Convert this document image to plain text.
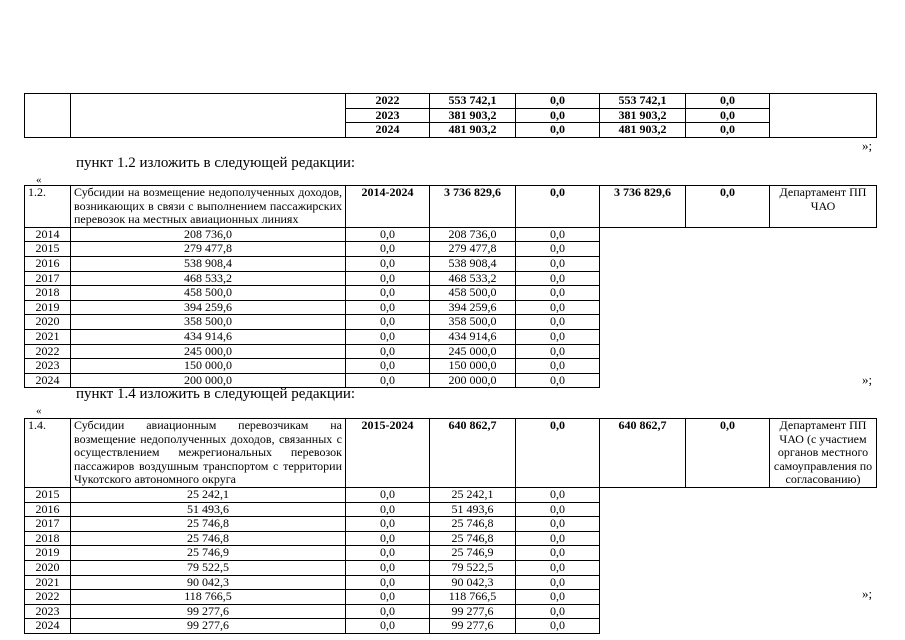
		2022	553 742,1	0,0	553 742,1	0,0	
		2023	381 903,2	0,0	381 903,2	0,0	
		2024	481 903,2	0,0	481 903,2	0,0	
»;
пункт 1.2 изложить в следующей редакции:
«
1.2.	Субсидии на возмещение недополученных доходов, возникающих в связи с выполнением пассажирских перевозок на местных авиационных линиях	2014-2024	3 736 829,6	0,0	3 736 829,6	0,0	Департамент ПП ЧАО
2014	208 736,0	0,0	208 736,0	0,0			
2015	279 477,8	0,0	279 477,8	0,0			
2016	538 908,4	0,0	538 908,4	0,0			
2017	468 533,2	0,0	468 533,2	0,0			
2018	458 500,0	0,0	458 500,0	0,0			
2019	394 259,6	0,0	394 259,6	0,0			
2020	358 500,0	0,0	358 500,0	0,0			
2021	434 914,6	0,0	434 914,6	0,0			
2022	245 000,0	0,0	245 000,0	0,0			
2023	150 000,0	0,0	150 000,0	0,0			
2024	200 000,0	0,0	200 000,0	0,0				»;
пункт 1.4 изложить в следующей редакции:
«
1.4.	Субсидии авиационным перевозчикам на возмещение недополученных доходов, связанных с осуществлением межрегиональных перевозок пассажиров воздушным транспортом с территории Чукотского автономного округа	2015-2024	640 862,7	0,0	640 862,7	0,0	Департамент ПП ЧАО (с участием органов местного самоуправления по согласованию)
2015	25 242,1	0,0	25 242,1	0,0			
2016	51 493,6	0,0	51 493,6	0,0			
2017	25 746,8	0,0	25 746,8	0,0			
2018	25 746,8	0,0	25 746,8	0,0			
2019	25 746,9	0,0	25 746,9	0,0			
2020	79 522,5	0,0	79 522,5	0,0			
2021	90 042,3	0,0	90 042,3	0,0			
2022	118 766,5	0,0	118 766,5	0,0			
2023	99 277,6	0,0	99 277,6	0,0			
2024	99 277,6	0,0	99 277,6	0,0			
»;
